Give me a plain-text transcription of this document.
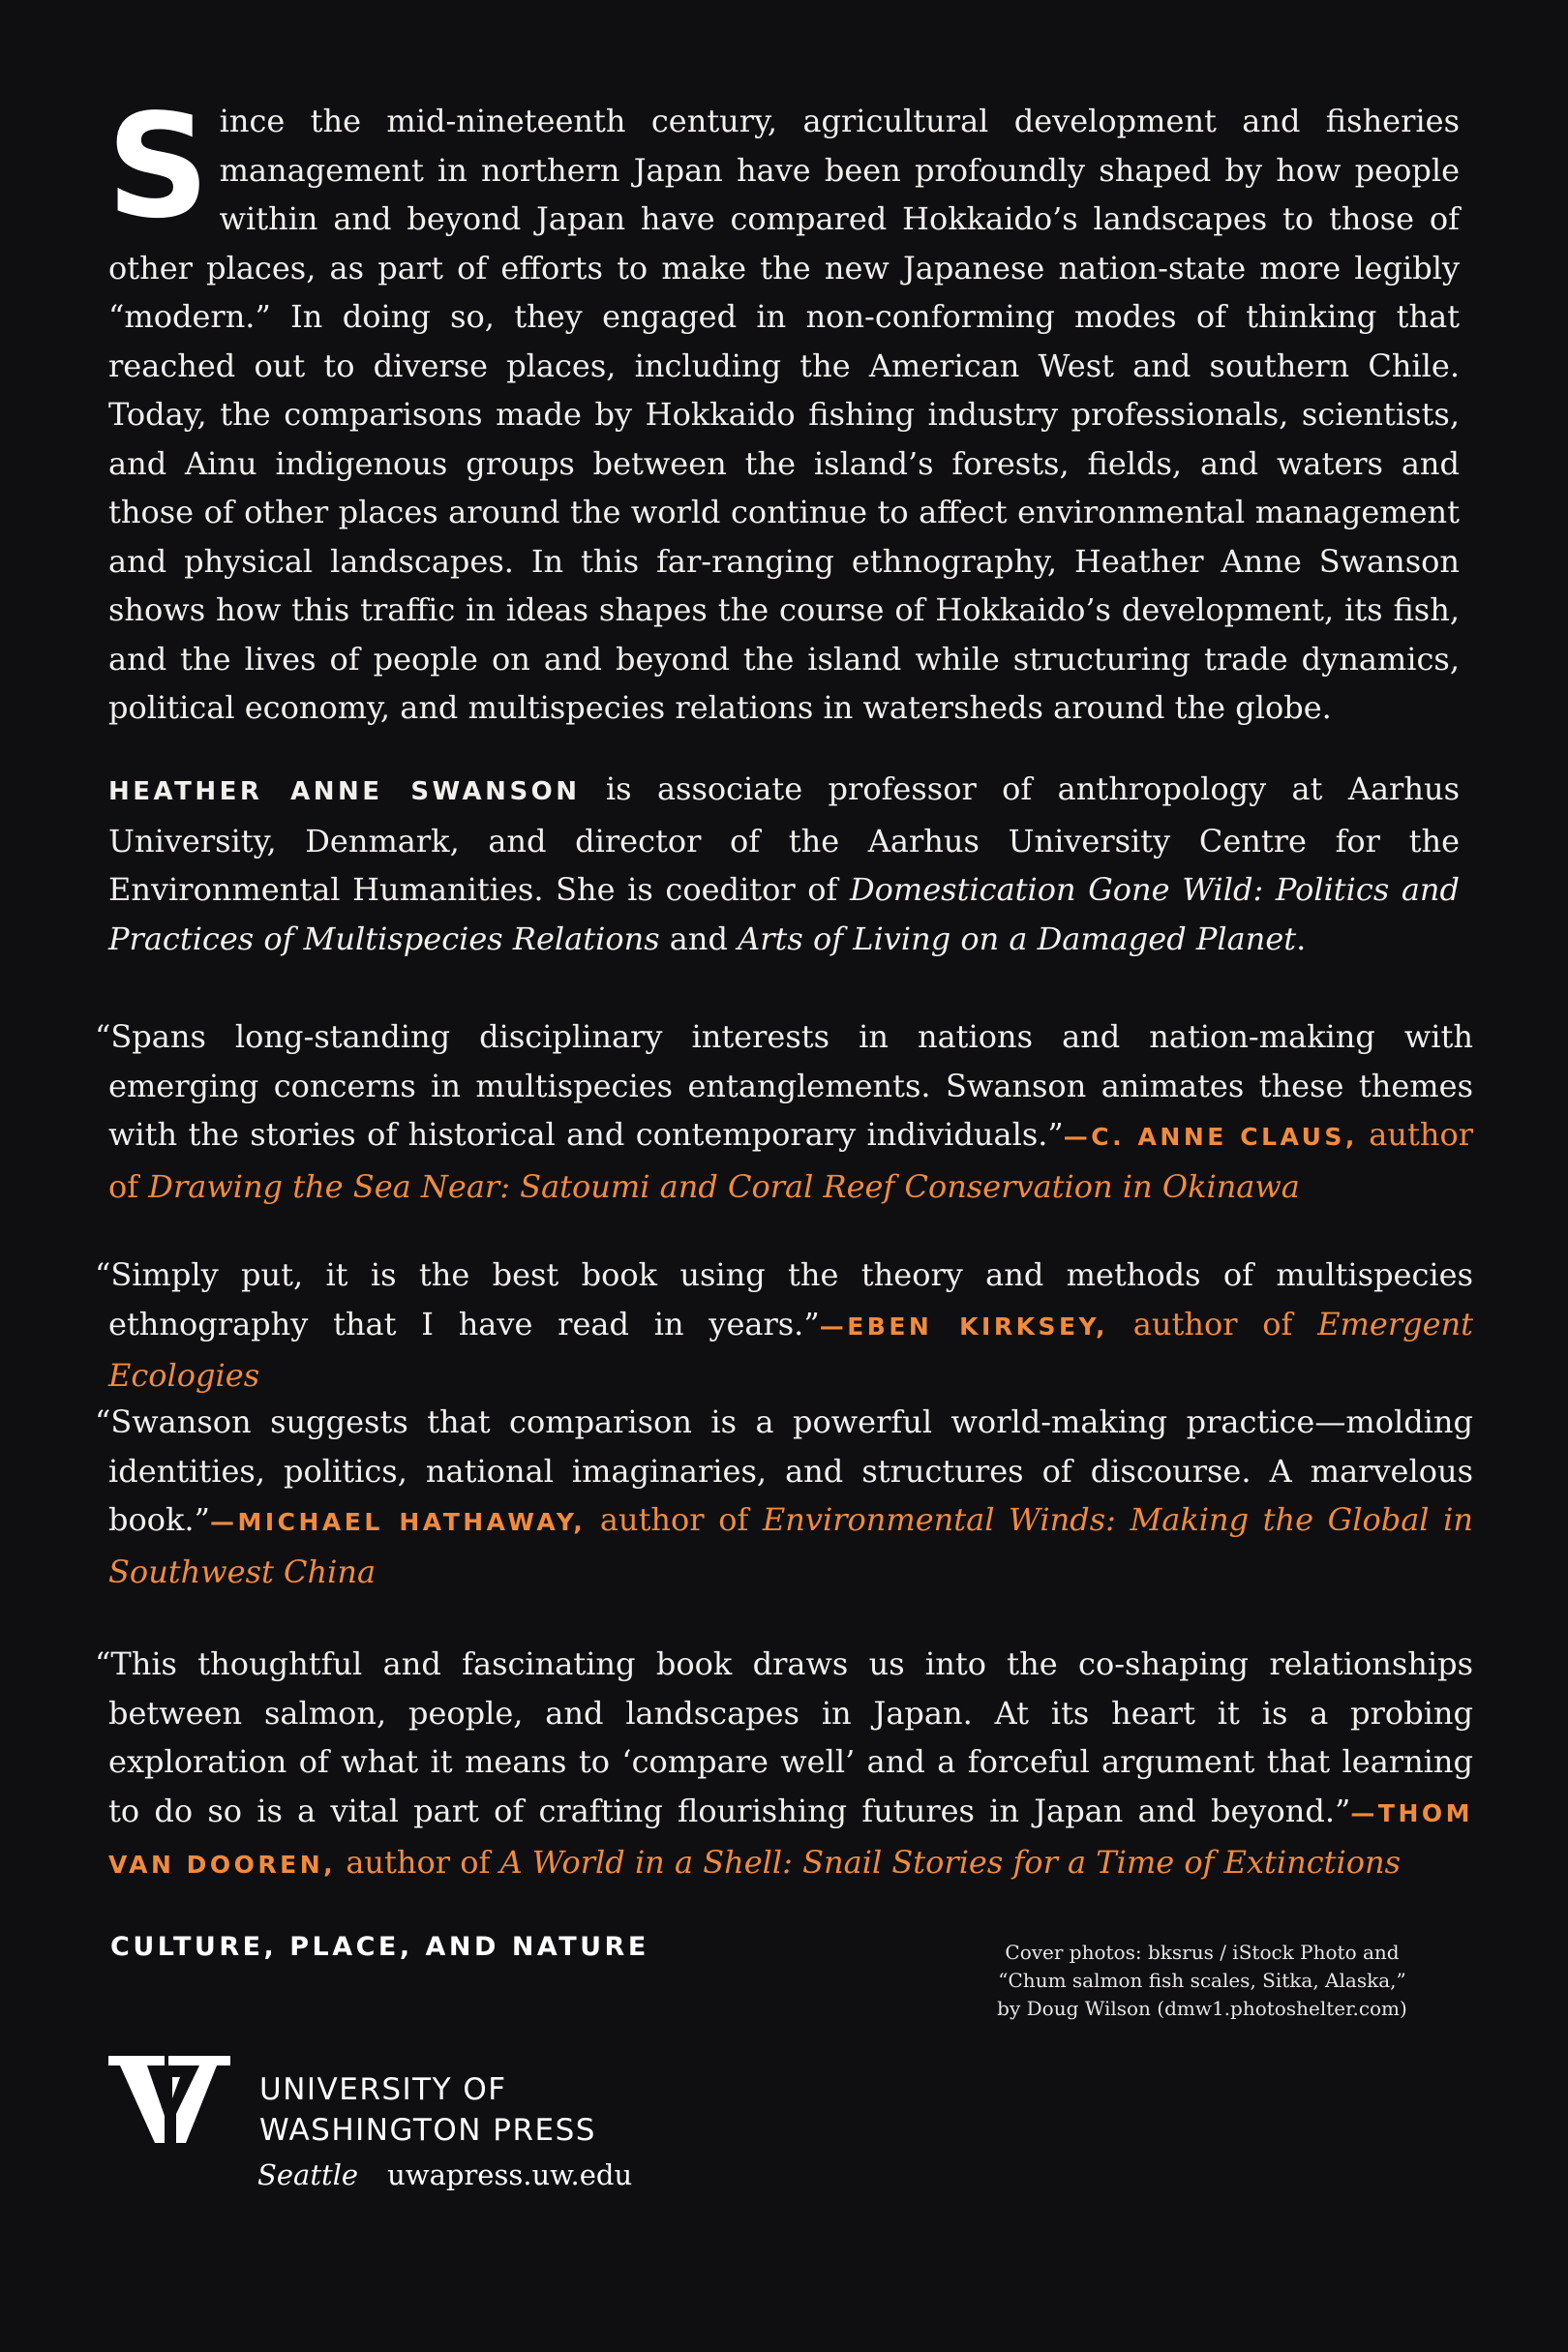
Since the mid-nineteenth century, agricultural development and fisheries management in northern Japan have been profoundly shaped by how people within and beyond Japan have compared Hokkaido’s landscapes to those of other places, as part of efforts to make the new Japanese nation-state more legibly “modern.” In doing so, they engaged in non-conforming modes of thinking that reached out to diverse places, including the American West and southern Chile. Today, the comparisons made by Hokkaido fishing industry professionals, scientists, and Ainu indigenous groups between the island’s forests, fields, and waters and those of other places around the world continue to affect environmental management and physical landscapes. In this far-ranging ethnography, Heather Anne Swanson shows how this traffic in ideas shapes the course of Hokkaido’s development, its fish, and the lives of people on and beyond the island while structuring trade dynamics, political economy, and multispecies relations in watersheds around the globe.

HEATHER ANNE SWANSON is associate professor of anthropology at Aarhus University, Denmark, and director of the Aarhus University Centre for the Environmental Humanities. She is coeditor of Domestication Gone Wild: Politics and Practices of Multispecies Relations and Arts of Living on a Damaged Planet.

“Spans long-standing disciplinary interests in nations and nation-making with emerging concerns in multispecies entanglements. Swanson animates these themes with the stories of historical and contemporary individuals.”—C. ANNE CLAUS, author of Drawing the Sea Near: Satoumi and Coral Reef Conservation in Okinawa

“Simply put, it is the best book using the theory and methods of multispecies ethnography that I have read in years.”—EBEN KIRKSEY, author of Emergent Ecologies

“Swanson suggests that comparison is a powerful world-making practice—molding identities, politics, national imaginaries, and structures of discourse. A marvelous book.”—MICHAEL HATHAWAY, author of Environmental Winds: Making the Global in Southwest China

“This thoughtful and fascinating book draws us into the co-shaping relationships between salmon, people, and landscapes in Japan. At its heart it is a probing exploration of what it means to ‘compare well’ and a forceful argument that learning to do so is a vital part of crafting flourishing futures in Japan and beyond.”—THOM VAN DOOREN, author of A World in a Shell: Snail Stories for a Time of Extinctions

CULTURE, PLACE, AND NATURE	Cover photos: bksrus / iStock Photo and
“Chum salmon fish scales, Sitka, Alaska,”
by Doug Wilson (dmw1.photoshelter.com)

UNIVERSITY OF
WASHINGTON PRESS

Seattle uwapress.uw.edu
